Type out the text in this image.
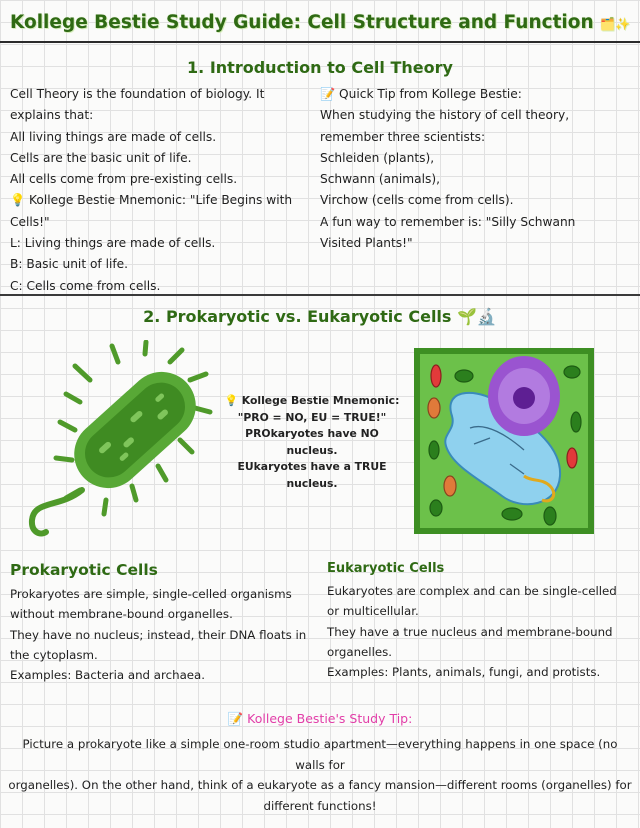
Kollege Bestie Study Guide: Cell Structure and Function 🗂️✨
1. Introduction to Cell Theory

Cell Theory is the foundation of biology. It

explains that:

All living things are made of cells.

Cells are the basic unit of life.

All cells come from pre-existing cells.

💡 Kollege Bestie Mnemonic: "Life Begins with

Cells!"

L: Living things are made of cells.

B: Basic unit of life.

C: Cells come from cells.

📝 Quick Tip from Kollege Bestie:

When studying the history of cell theory,

remember three scientists:

Schleiden (plants),

Schwann (animals),

Virchow (cells come from cells).

A fun way to remember is: "Silly Schwann

Visited Plants!"

2. Prokaryotic vs. Eukaryotic Cells 🌱🔬

💡 Kollege Bestie Mnemonic:

"PRO = NO, EU = TRUE!"

PROkaryotes have NO

nucleus.

EUkaryotes have a TRUE

nucleus.

Prokaryotic Cells

Prokaryotes are simple, single-celled organisms

without membrane-bound organelles.

They have no nucleus; instead, their DNA floats in

the cytoplasm.

Examples: Bacteria and archaea.

Eukaryotic Cells

Eukaryotes are complex and can be single-celled

or multicellular.

They have a true nucleus and membrane-bound

organelles.

Examples: Plants, animals, fungi, and protists.

📝 Kollege Bestie's Study Tip:
Picture a prokaryote like a simple one-room studio apartment—everything happens in one space (no walls for
organelles). On the other hand, think of a eukaryote as a fancy mansion—different rooms (organelles) for
different functions!
